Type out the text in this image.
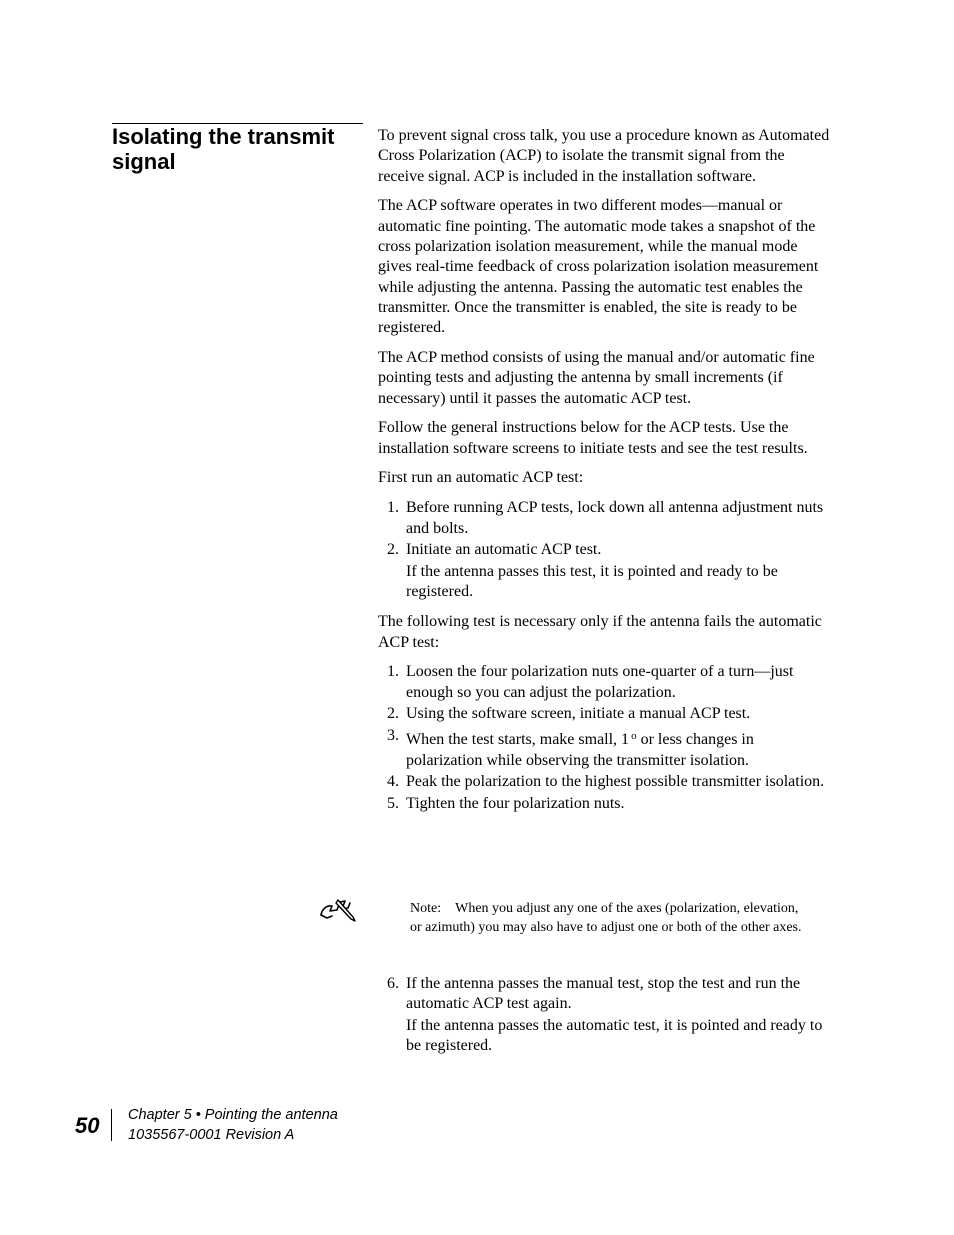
Isolating the transmit signal

To prevent signal cross talk, you use a procedure known as Automated Cross Polarization (ACP) to isolate the transmit signal from the receive signal. ACP is included in the installation software.

The ACP software operates in two different modes—manual or automatic fine pointing. The automatic mode takes a snapshot of the cross polarization isolation measurement, while the manual mode gives real-time feedback of cross polarization isolation measurement while adjusting the antenna. Passing the automatic test enables the transmitter. Once the transmitter is enabled, the site is ready to be registered.

The ACP method consists of using the manual and/or automatic fine pointing tests and adjusting the antenna by small increments (if necessary) until it passes the automatic ACP test.

Follow the general instructions below for the ACP tests. Use the installation software screens to initiate tests and see the test results.

First run an automatic ACP test:

1. Before running ACP tests, lock down all antenna adjustment nuts and bolts.
2. Initiate an automatic ACP test.
If the antenna passes this test, it is pointed and ready to be registered.

The following test is necessary only if the antenna fails the automatic ACP test:

1. Loosen the four polarization nuts one-quarter of a turn—just enough so you can adjust the polarization.
2. Using the software screen, initiate a manual ACP test.
3. When the test starts, make small, 1 $^o$ or less changes in polarization while observing the transmitter isolation.
4. Peak the polarization to the highest possible transmitter isolation.
5. Tighten the four polarization nuts.
Note: When you adjust any one of the axes (polarization, elevation, or azimuth) you may also have to adjust one or both of the other axes.
6. If the antenna passes the manual test, stop the test and run the automatic ACP test again.
If the antenna passes the automatic test, it is pointed and ready to be registered.
50 Chapter 5 • Pointing the antenna
1035567-0001 Revision A
